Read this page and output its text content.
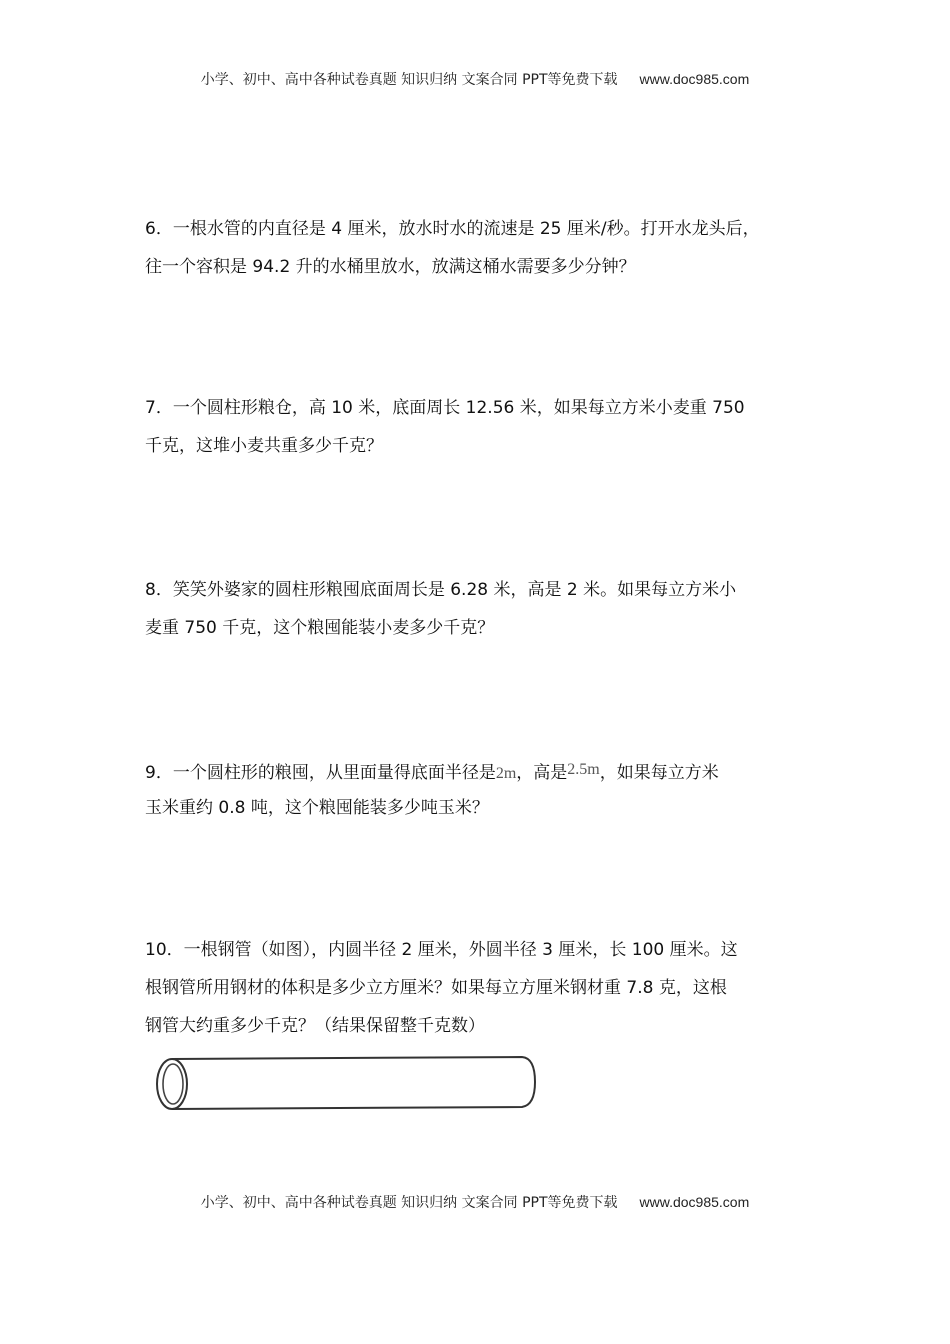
小学、初中、高中各种试卷真题 知识归纳 文案合同 PPT等免费下载 www.doc985.com
6．一根水管的内直径是 4 厘米，放水时水的流速是 25 厘米/秒。打开水龙头后，
往一个容积是 94.2 升的水桶里放水，放满这桶水需要多少分钟？
7．一个圆柱形粮仓，高 10 米，底面周长 12.56 米，如果每立方米小麦重 750
千克，这堆小麦共重多少千克？
8．笑笑外婆家的圆柱形粮囤底面周长是 6.28 米，高是 2 米。如果每立方米小
麦重 750 千克，这个粮囤能装小麦多少千克？
9．一个圆柱形的粮囤，从里面量得底面半径是2m，高是2.5m，如果每立方米
玉米重约 0.8 吨，这个粮囤能装多少吨玉米？
10．一根钢管（如图），内圆半径 2 厘米，外圆半径 3 厘米，长 100 厘米。这
根钢管所用钢材的体积是多少立方厘米？如果每立方厘米钢材重 7.8 克，这根
钢管大约重多少千克？（结果保留整千克数）
小学、初中、高中各种试卷真题 知识归纳 文案合同 PPT等免费下载 www.doc985.com
